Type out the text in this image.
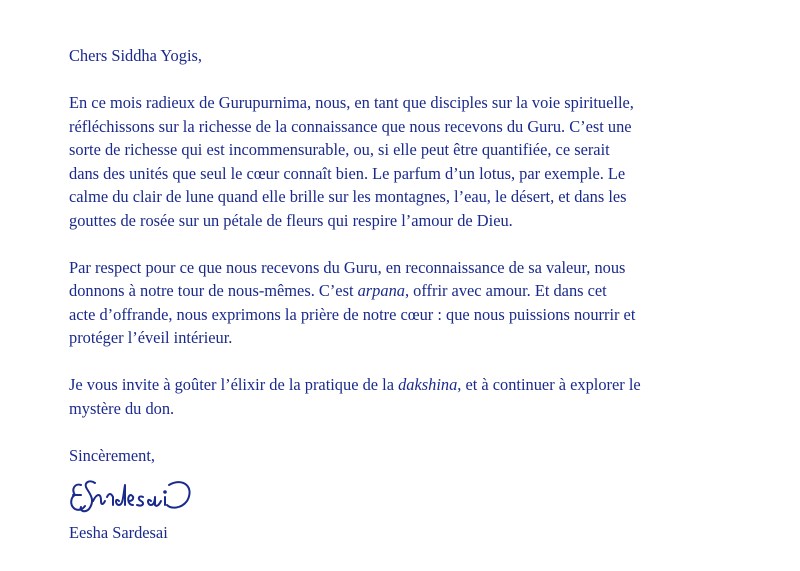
Chers Siddha Yogis,

En ce mois radieux de Gurupurnima, nous, en tant que disciples sur la voie spirituelle,
réfléchissons sur la richesse de la connaissance que nous recevons du Guru. C’est une
sorte de richesse qui est incommensurable, ou, si elle peut être quantifiée, ce serait
dans des unités que seul le cœur connaît bien. Le parfum d’un lotus, par exemple. Le
calme du clair de lune quand elle brille sur les montagnes, l’eau, le désert, et dans les
gouttes de rosée sur un pétale de fleurs qui respire l’amour de Dieu.

Par respect pour ce que nous recevons du Guru, en reconnaissance de sa valeur, nous
donnons à notre tour de nous-mêmes. C’est arpana, offrir avec amour. Et dans cet
acte d’offrande, nous exprimons la prière de notre cœur : que nous puissions nourrir et
protéger l’éveil intérieur.

Je vous invite à goûter l’élixir de la pratique de la dakshina, et à continuer à explorer le
mystère du don.

Sincèrement,

Eesha Sardesai
